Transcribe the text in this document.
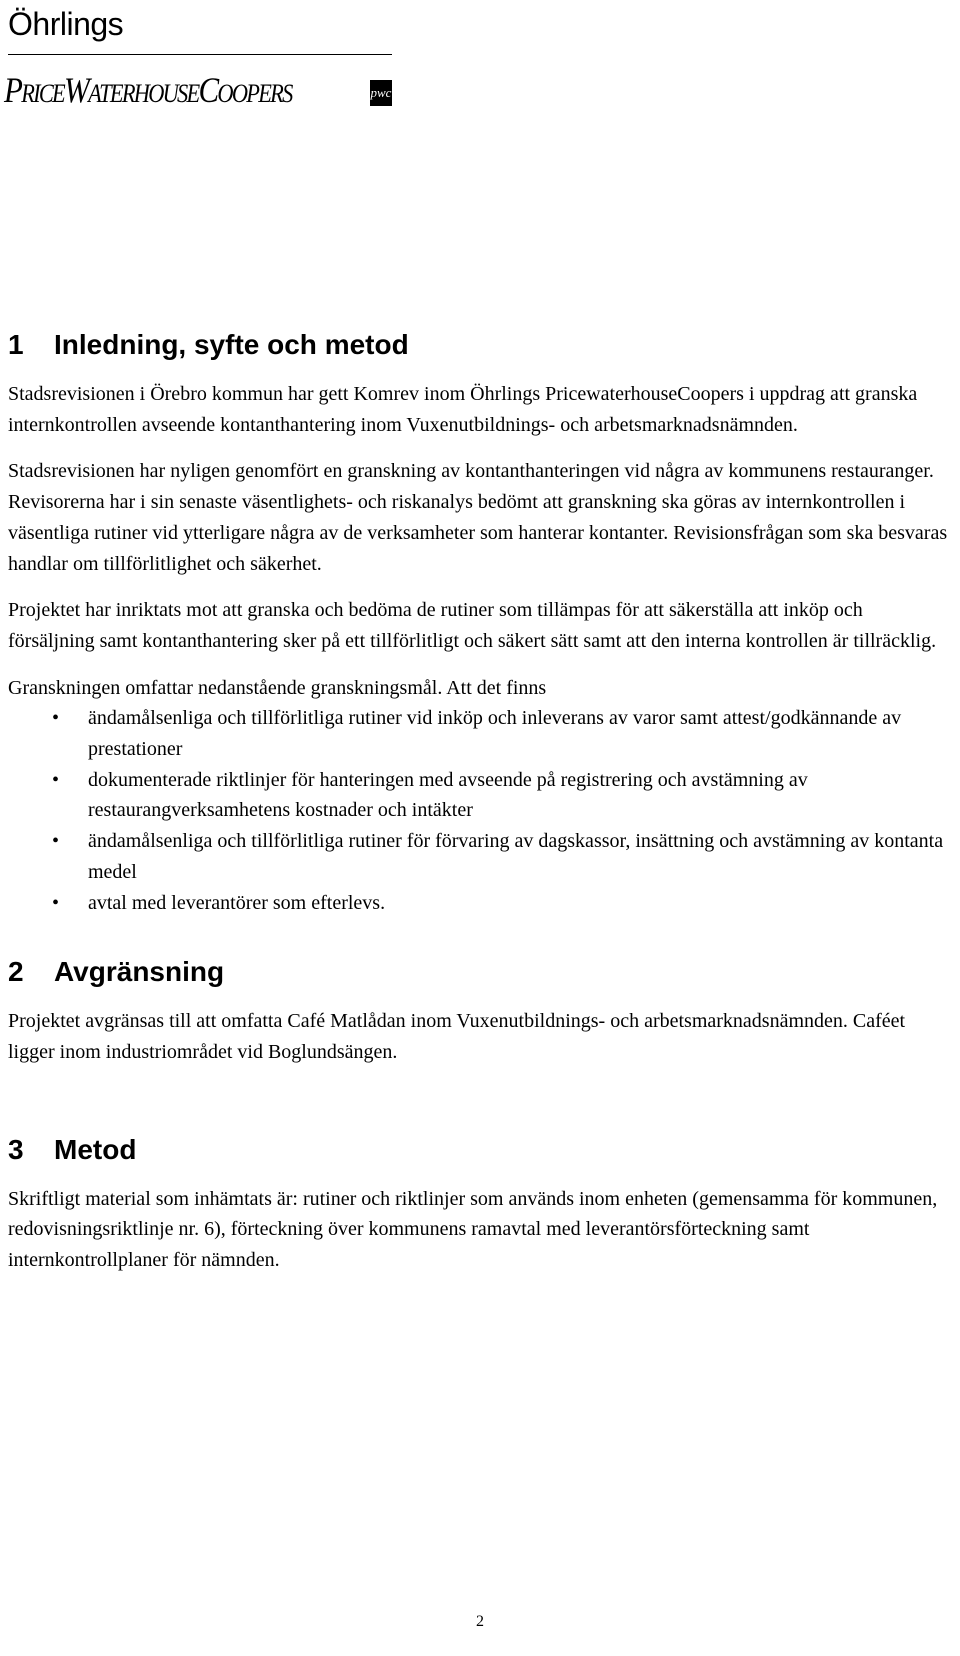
Öhrlings
PRICEWATERHOUSECOOPERS	pwc
1 Inledning, syfte och metod

Stadsrevisionen i Örebro kommun har gett Komrev inom Öhrlings PricewaterhouseCoopers i uppdrag att granska internkontrollen avseende kontanthantering inom Vuxenutbildnings- och arbetsmarknadsnämnden.

Stadsrevisionen har nyligen genomfört en granskning av kontanthanteringen vid några av kommunens restauranger. Revisorerna har i sin senaste väsentlighets- och riskanalys bedömt att granskning ska göras av internkontrollen i väsentliga rutiner vid ytterligare några av de verksamheter som hanterar kontanter. Revisionsfrågan som ska besvaras handlar om tillförlitlighet och säkerhet.

Projektet har inriktats mot att granska och bedöma de rutiner som tillämpas för att säkerställa att inköp och försäljning samt kontanthantering sker på ett tillförlitligt och säkert sätt samt att den interna kontrollen är tillräcklig.

Granskningen omfattar nedanstående granskningsmål. Att det finns

• ändamålsenliga och tillförlitliga rutiner vid inköp och inleverans av varor samt attest/godkännande av prestationer
• dokumenterade riktlinjer för hanteringen med avseende på registrering och avstämning av restaurangverksamhetens kostnader och intäkter
• ändamålsenliga och tillförlitliga rutiner för förvaring av dagskassor, insättning och avstämning av kontanta medel
• avtal med leverantörer som efterlevs.
2 Avgränsning

Projektet avgränsas till att omfatta Café Matlådan inom Vuxenutbildnings- och arbetsmarknadsnämnden. Caféet ligger inom industriområdet vid Boglundsängen.

3 Metod

Skriftligt material som inhämtats är: rutiner och riktlinjer som används inom enheten (gemensamma för kommunen, redovisningsriktlinje nr. 6), förteckning över kommunens ramavtal med leverantörsförteckning samt internkontrollplaner för nämnden.

2
